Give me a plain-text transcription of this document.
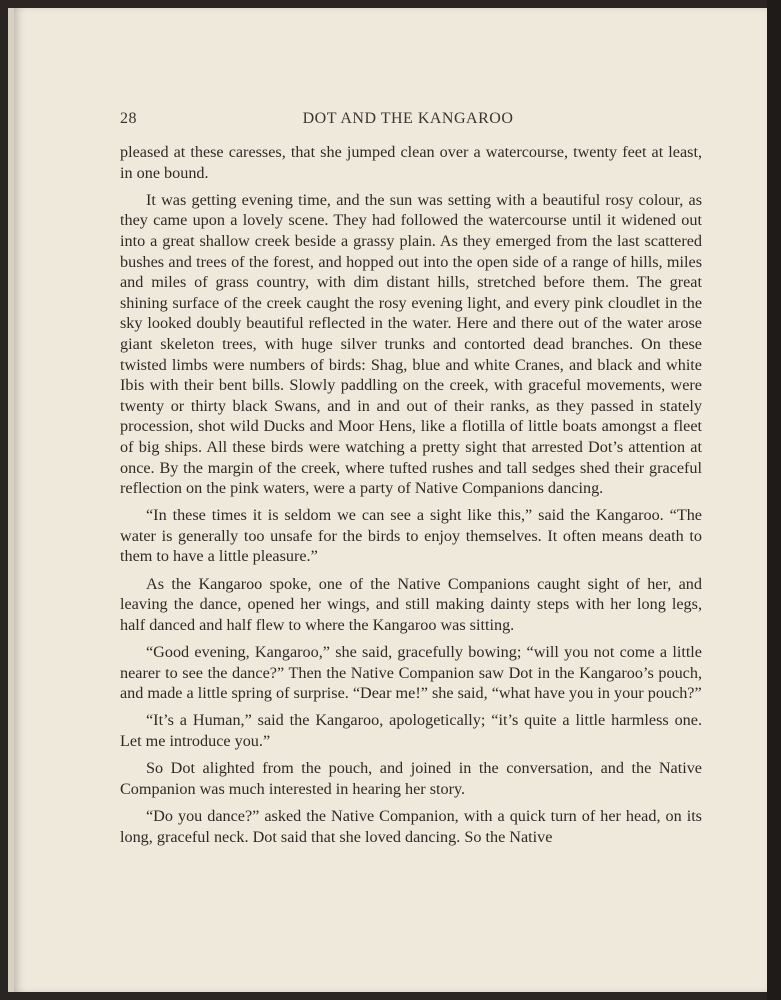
28	DOT AND THE KANGAROO

pleased at these caresses, that she jumped clean over a watercourse, twenty feet at least, in one bound.

It was getting evening time, and the sun was setting with a beautiful rosy colour, as they came upon a lovely scene. They had followed the watercourse until it widened out into a great shallow creek beside a grassy plain. As they emerged from the last scattered bushes and trees of the forest, and hopped out into the open side of a range of hills, miles and miles of grass country, with dim distant hills, stretched before them. The great shining surface of the creek caught the rosy evening light, and every pink cloudlet in the sky looked doubly beautiful reflected in the water. Here and there out of the water arose giant skeleton trees, with huge silver trunks and contorted dead branches. On these twisted limbs were numbers of birds: Shag, blue and white Cranes, and black and white Ibis with their bent bills. Slowly paddling on the creek, with graceful movements, were twenty or thirty black Swans, and in and out of their ranks, as they passed in stately procession, shot wild Ducks and Moor Hens, like a flotilla of little boats amongst a fleet of big ships. All these birds were watching a pretty sight that arrested Dot’s attention at once. By the margin of the creek, where tufted rushes and tall sedges shed their graceful reflection on the pink waters, were a party of Native Companions dancing.

“In these times it is seldom we can see a sight like this,” said the Kangaroo. “The water is generally too unsafe for the birds to enjoy themselves. It often means death to them to have a little pleasure.”

As the Kangaroo spoke, one of the Native Companions caught sight of her, and leaving the dance, opened her wings, and still making dainty steps with her long legs, half danced and half flew to where the Kangaroo was sitting.

“Good evening, Kangaroo,” she said, gracefully bowing; “will you not come a little nearer to see the dance?” Then the Native Companion saw Dot in the Kangaroo’s pouch, and made a little spring of surprise. “Dear me!” she said, “what have you in your pouch?”

“It’s a Human,” said the Kangaroo, apologetically; “it’s quite a little harmless one. Let me introduce you.”

So Dot alighted from the pouch, and joined in the conversation, and the Native Companion was much interested in hearing her story.

“Do you dance?” asked the Native Companion, with a quick turn of her head, on its long, graceful neck. Dot said that she loved dancing. So the Native
